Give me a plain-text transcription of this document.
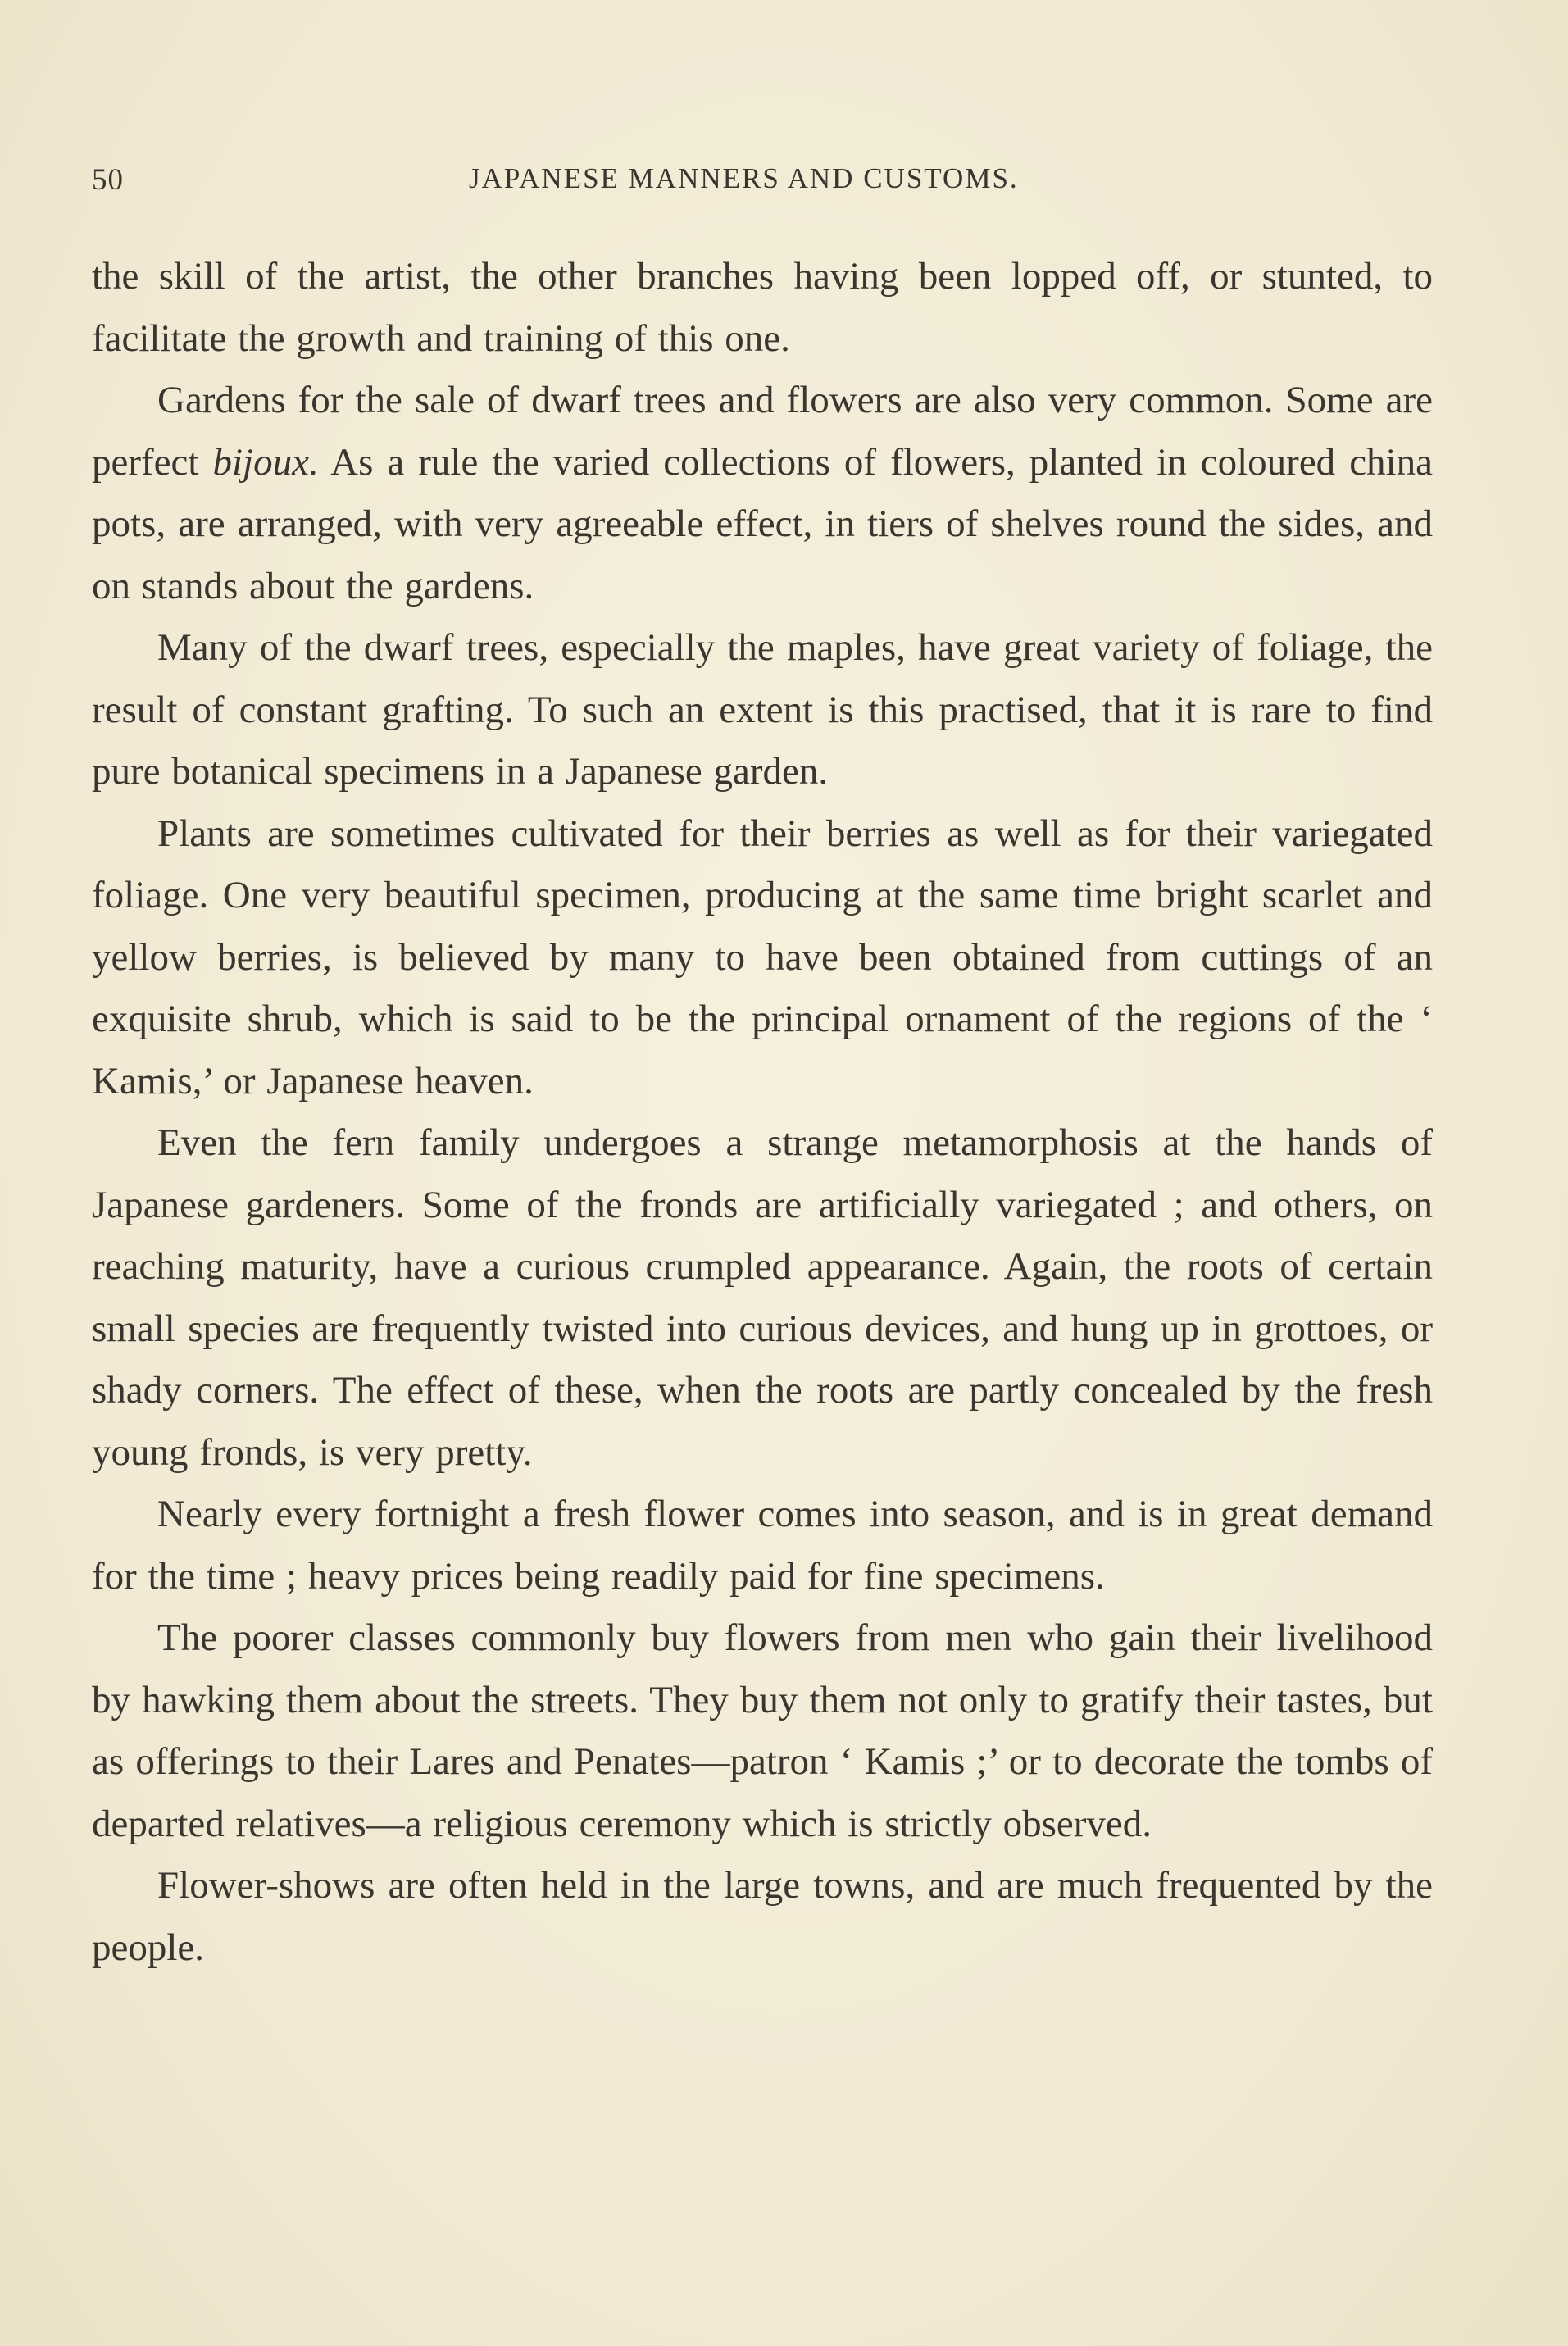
50	JAPANESE MANNERS AND CUSTOMS.

the skill of the artist, the other branches having been lopped off, or stunted, to facilitate the growth and training of this one.

Gardens for the sale of dwarf trees and flowers are also very common. Some are perfect bijoux. As a rule the varied collections of flowers, planted in coloured china pots, are arranged, with very agreeable effect, in tiers of shelves round the sides, and on stands about the gardens.

Many of the dwarf trees, especially the maples, have great variety of foliage, the result of constant grafting. To such an extent is this practised, that it is rare to find pure botanical specimens in a Japanese garden.

Plants are sometimes cultivated for their berries as well as for their variegated foliage. One very beautiful specimen, producing at the same time bright scarlet and yellow berries, is believed by many to have been obtained from cuttings of an exquisite shrub, which is said to be the principal ornament of the regions of the ‘ Kamis,’ or Japanese heaven.

Even the fern family undergoes a strange metamorphosis at the hands of Japanese gardeners. Some of the fronds are artificially variegated ; and others, on reaching maturity, have a curious crumpled appearance. Again, the roots of certain small species are frequently twisted into curious devices, and hung up in grottoes, or shady corners. The effect of these, when the roots are partly concealed by the fresh young fronds, is very pretty.

Nearly every fortnight a fresh flower comes into season, and is in great demand for the time ; heavy prices being readily paid for fine specimens.

The poorer classes commonly buy flowers from men who gain their livelihood by hawking them about the streets. They buy them not only to gratify their tastes, but as offerings to their Lares and Penates—patron ‘ Kamis ;’ or to decorate the tombs of departed relatives—a religious ceremony which is strictly observed.

Flower-shows are often held in the large towns, and are much frequented by the people.
